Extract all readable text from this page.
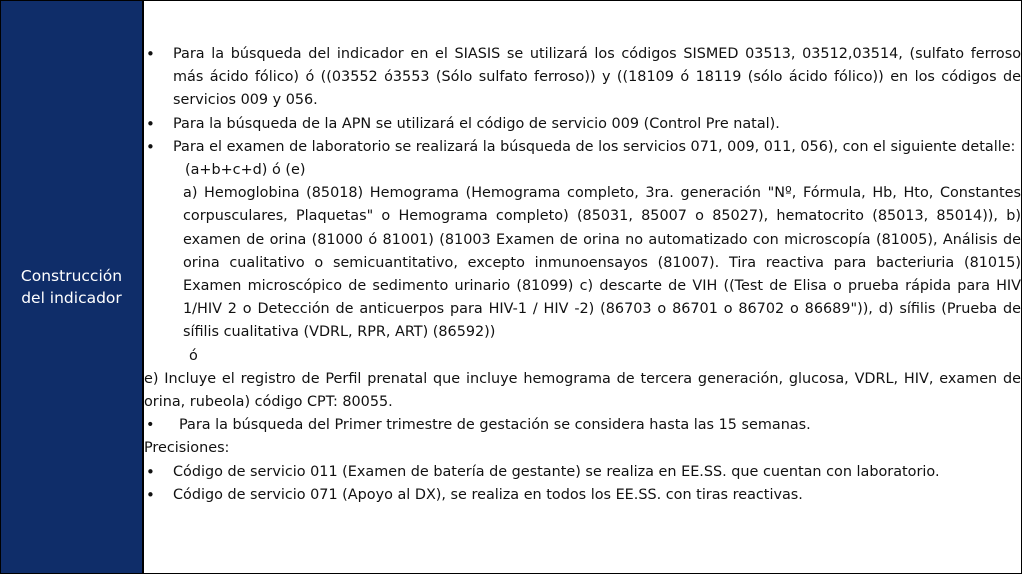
Construcción
del indicador
• Para la búsqueda del indicador en el SIASIS se utilizará los códigos SISMED 03513, 03512,03514, (sulfato ferroso más ácido fólico) ó ((03552 ó3553 (Sólo sulfato ferroso)) y ((18109 ó 18119 (sólo ácido fólico)) en los códigos de servicios 009 y 056.
• Para la búsqueda de la APN se utilizará el código de servicio 009 (Control Pre natal).
• Para el examen de laboratorio se realizará la búsqueda de los servicios 071, 009, 011, 056), con el siguiente detalle:
(a+b+c+d) ó (e)
a) Hemoglobina (85018) Hemograma (Hemograma completo, 3ra. generación "Nº, Fórmula, Hb, Hto, Constantes corpusculares, Plaquetas" o Hemograma completo) (85031, 85007 o 85027), hematocrito (85013, 85014)), b) examen de orina (81000 ó 81001) (81003 Examen de orina no automatizado con microscopía (81005), Análisis de orina cualitativo o semicuantitativo, excepto inmunoensayos (81007). Tira reactiva para bacteriuria (81015) Examen microscópico de sedimento urinario (81099) c) descarte de VIH ((Test de Elisa o prueba rápida para HIV 1/HIV 2 o Detección de anticuerpos para HIV-1 / HIV -2) (86703 o 86701 o 86702 o 86689")), d) sífilis (Prueba de sífilis cualitativa (VDRL, RPR, ART) (86592))
ó
e) Incluye el registro de Perfil prenatal que incluye hemograma de tercera generación, glucosa, VDRL, HIV, examen de orina, rubeola) código CPT: 80055.
• Para la búsqueda del Primer trimestre de gestación se considera hasta las 15 semanas.
Precisiones:
• Código de servicio 011 (Examen de batería de gestante) se realiza en EE.SS. que cuentan con laboratorio.
• Código de servicio 071 (Apoyo al DX), se realiza en todos los EE.SS. con tiras reactivas.
